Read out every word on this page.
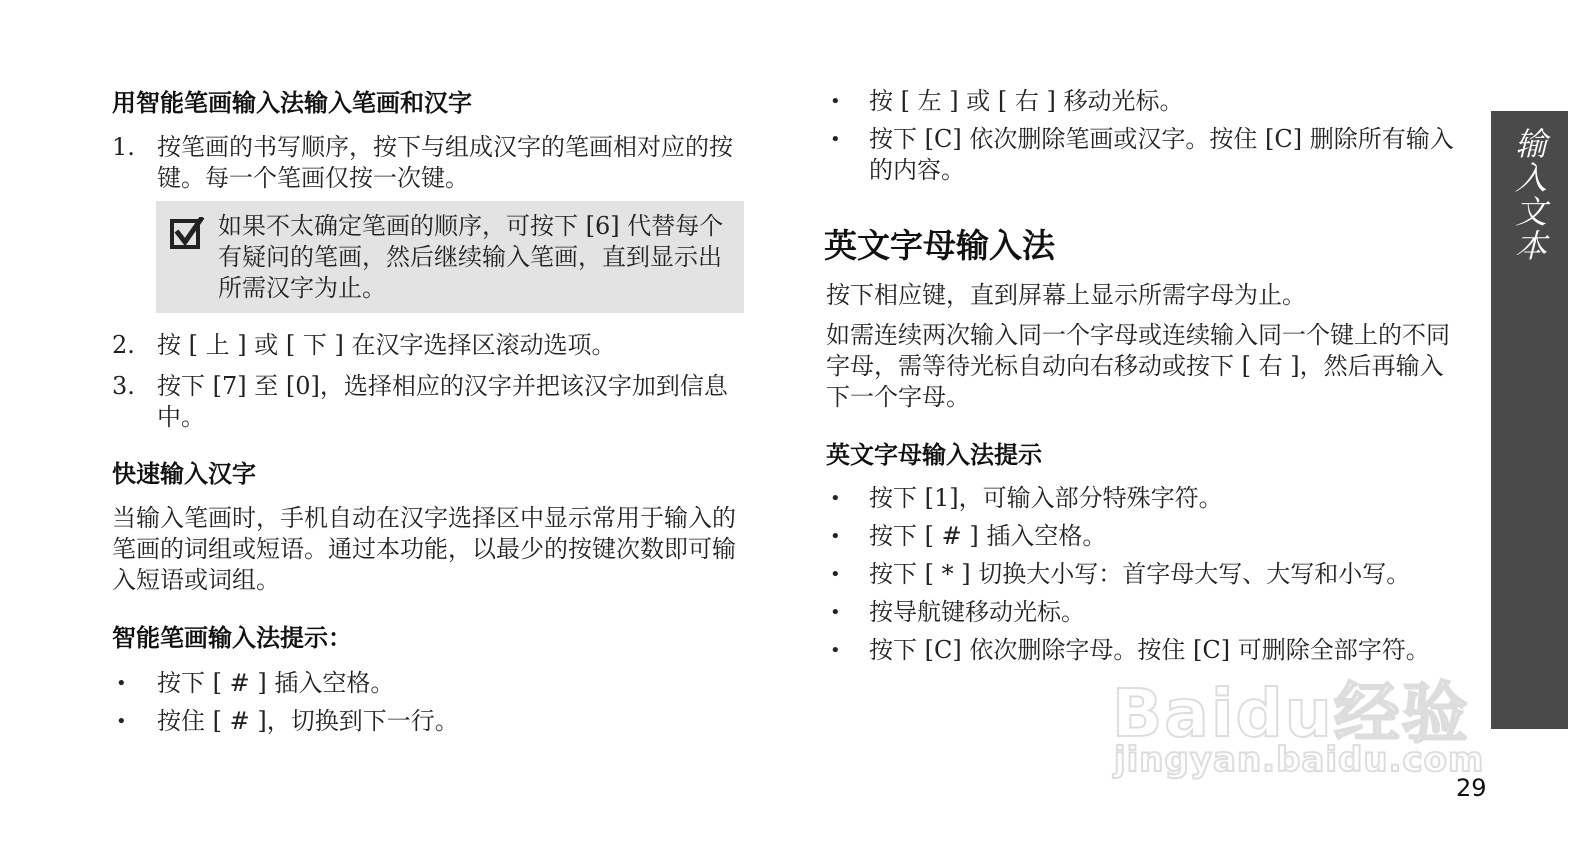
用智能笔画输入法输入笔画和汉字
1. 按笔画的书写顺序，按下与组成汉字的笔画相对应的按键。每一个笔画仅按一次键。
如果不太确定笔画的顺序，可按下 [6] 代替每个有疑问的笔画，然后继续输入笔画，直到显示出所需汉字为止。
2. 按 [ 上 ] 或 [ 下 ] 在汉字选择区滚动选项。
3. 按下 [7] 至 [0]，选择相应的汉字并把该汉字加到信息中。
快速输入汉字
当输入笔画时，手机自动在汉字选择区中显示常用于输入的笔画的词组或短语。通过本功能，以最少的按键次数即可输入短语或词组。
智能笔画输入法提示：
• 按下 [ # ] 插入空格。
• 按住 [ # ]，切换到下一行。
• 按 [ 左 ] 或 [ 右 ] 移动光标。
• 按下 [C] 依次删除笔画或汉字。按住 [C] 删除所有输入的内容。
英文字母输入法
按下相应键，直到屏幕上显示所需字母为止。
如需连续两次输入同一个字母或连续输入同一个键上的不同字母，需等待光标自动向右移动或按下 [ 右 ]，然后再输入下一个字母。
英文字母输入法提示
• 按下 [1]，可输入部分特殊字符。
• 按下 [ # ] 插入空格。
• 按下 [ * ] 切换大小写：首字母大写、大写和小写。
• 按导航键移动光标。
• 按下 [C] 依次删除字母。按住 [C] 可删除全部字符。
输入文本
Baidu经验
jingyan.baidu.com
29
